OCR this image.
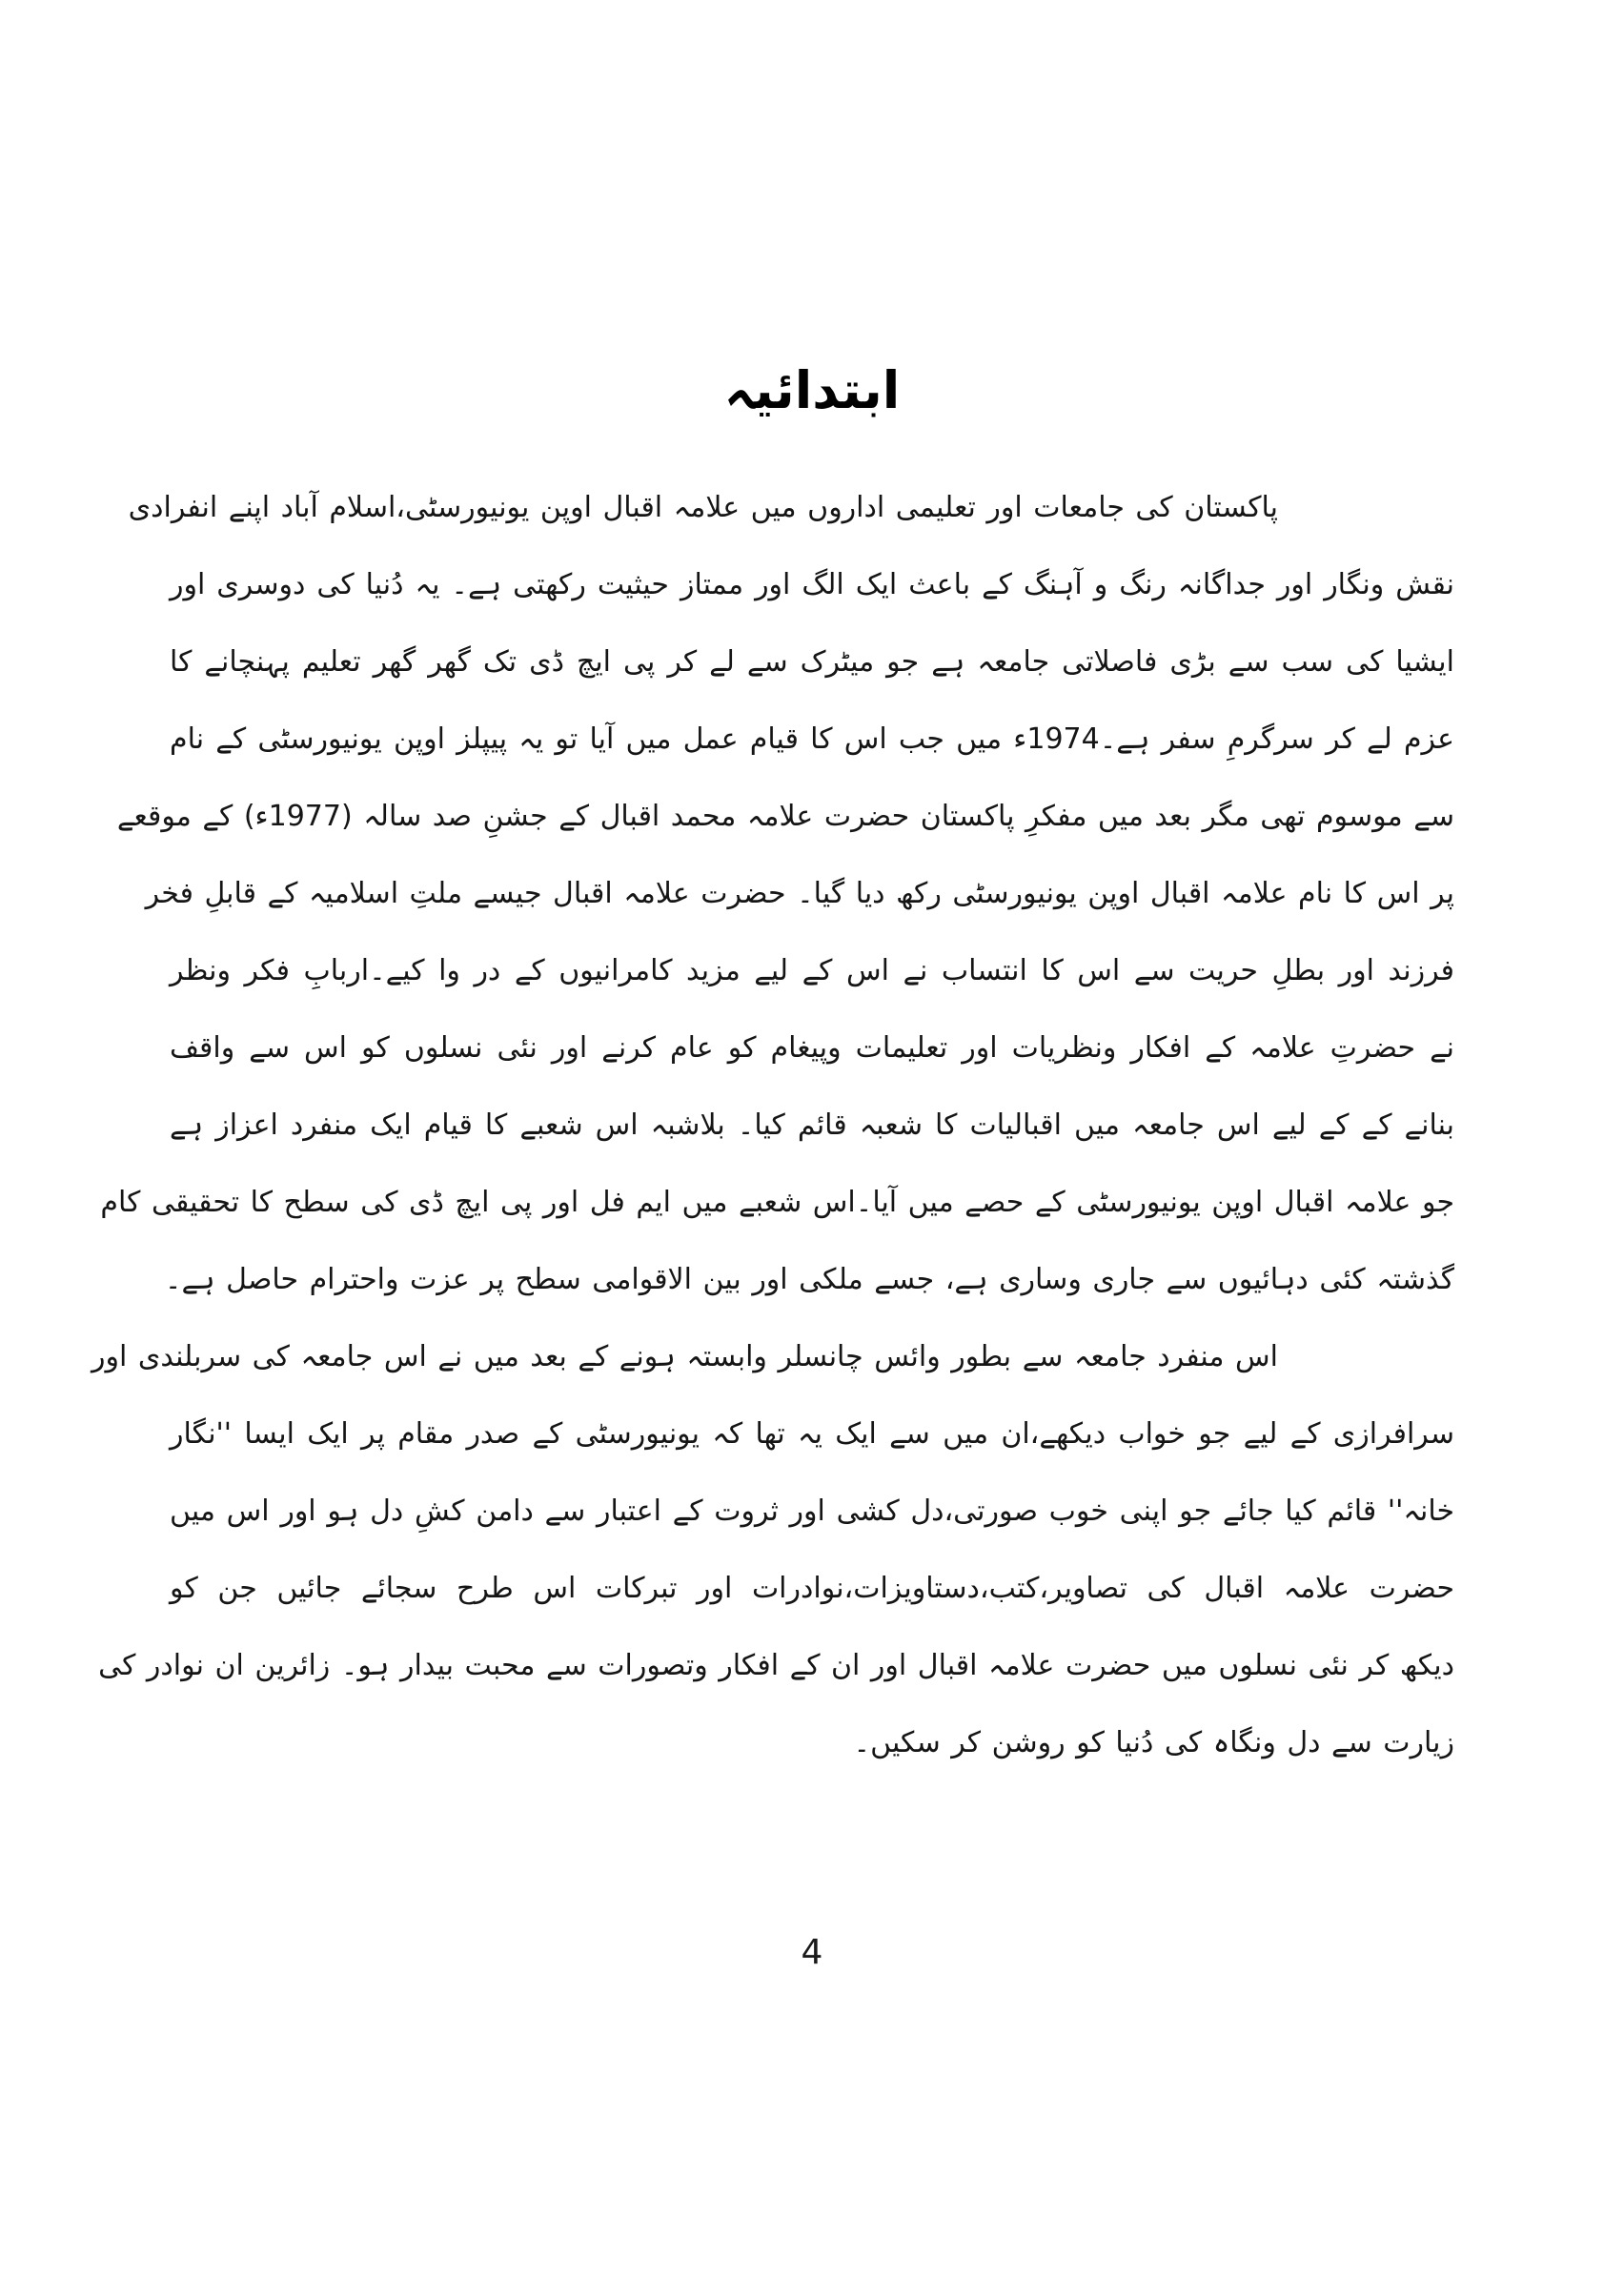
ابتدائیہ
پاکستان کی جامعات اور تعلیمی اداروں میں علامہ اقبال اوپن یونیورسٹی،اسلام آباد اپنے انفرادی
نقش ونگار اور جداگانہ رنگ و آہنگ کے باعث ایک الگ اور ممتاز حیثیت رکھتی ہے۔ یہ دُنیا کی دوسری اور
ایشیا کی سب سے بڑی فاصلاتی جامعہ ہے جو میٹرک سے لے کر پی ایچ ڈی تک گھر گھر تعلیم پہنچانے کا
عزم لے کر سرگرمِ سفر ہے۔1974ء میں جب اس کا قیام عمل میں آیا تو یہ پیپلز اوپن یونیورسٹی کے نام
سے موسوم تھی مگر بعد میں مفکرِ پاکستان حضرت علامہ محمد اقبال کے جشنِ صد سالہ (1977ء) کے موقعے
پر اس کا نام علامہ اقبال اوپن یونیورسٹی رکھ دیا گیا۔ حضرت علامہ اقبال جیسے ملتِ اسلامیہ کے قابلِ فخر
فرزند اور بطلِ حریت سے اس کا انتساب نے اس کے لیے مزید کامرانیوں کے در وا کیے۔اربابِ فکر ونظر
نے حضرتِ علامہ کے افکار ونظریات اور تعلیمات وپیغام کو عام کرنے اور نئی نسلوں کو اس سے واقف
بنانے کے کے لیے اس جامعہ میں اقبالیات کا شعبہ قائم کیا۔ بلاشبہ اس شعبے کا قیام ایک منفرد اعزاز ہے
جو علامہ اقبال اوپن یونیورسٹی کے حصے میں آیا۔اس شعبے میں ایم فل اور پی ایچ ڈی کی سطح کا تحقیقی کام
گذشتہ کئی دہائیوں سے جاری وساری ہے، جسے ملکی اور بین الاقوامی سطح پر عزت واحترام حاصل ہے۔
اس منفرد جامعہ سے بطور وائس چانسلر وابستہ ہونے کے بعد میں نے اس جامعہ کی سربلندی اور
سرافرازی کے لیے جو خواب دیکھے،ان میں سے ایک یہ تھا کہ یونیورسٹی کے صدر مقام پر ایک ایسا ''نگار
خانہ'' قائم کیا جائے جو اپنی خوب صورتی،دل کشی اور ثروت کے اعتبار سے دامن کشِ دل ہو اور اس میں
حضرت علامہ اقبال کی تصاویر،کتب،دستاویزات،نوادرات اور تبرکات اس طرح سجائے جائیں جن کو
دیکھ کر نئی نسلوں میں حضرت علامہ اقبال اور ان کے افکار وتصورات سے محبت بیدار ہو۔ زائرین ان نوادر کی
زیارت سے دل ونگاہ کی دُنیا کو روشن کر سکیں۔
4
